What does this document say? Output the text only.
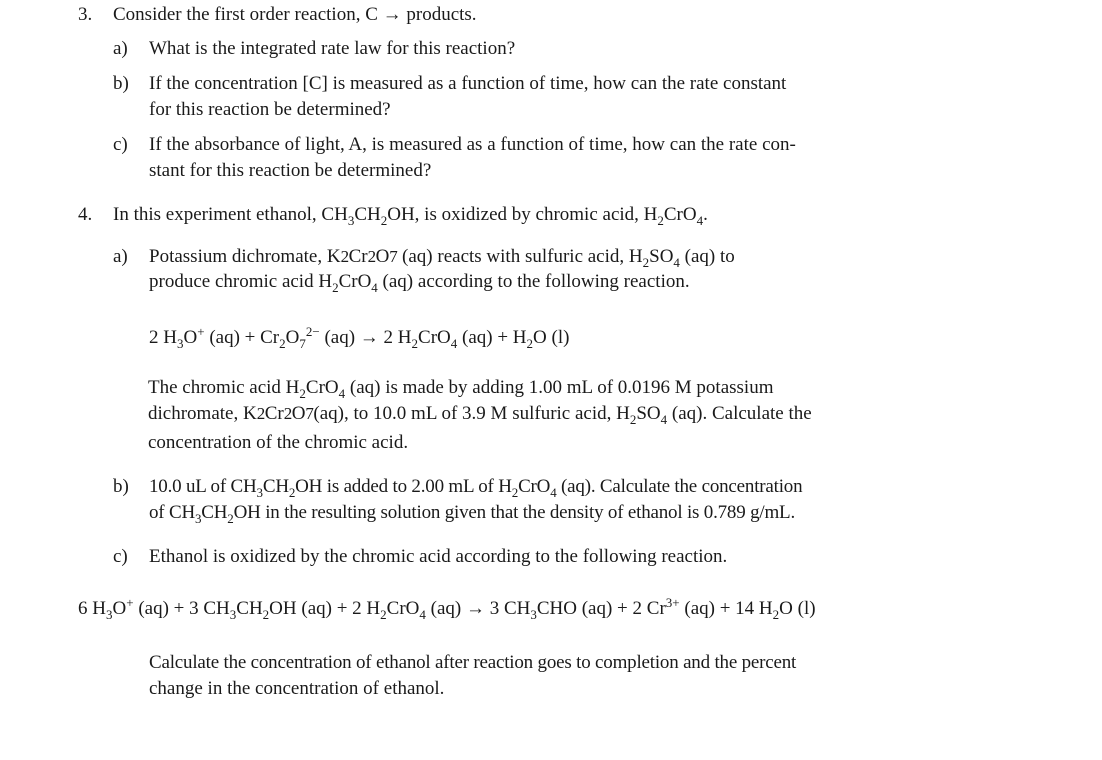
3. Consider the first order reaction, C → products.
a) What is the integrated rate law for this reaction?
b) If the concentration [C] is measured as a function of time, how can the rate constant
for this reaction be determined?
c) If the absorbance of light, A, is measured as a function of time, how can the rate con-
stant for this reaction be determined?
4. In this experiment ethanol, $CH_3CH_2OH$, is oxidized by chromic acid, $H_2CrO_4$.
a) Potassium dichromate, K2Cr2O7 (aq) reacts with sulfuric acid, $H_2SO_4$ (aq) to
produce chromic acid $H_2CrO_4$ (aq) according to the following reaction.
2 $H_3O^+$ $(aq) + Cr_2O_7^{2-}$ (aq) → 2 $H_2CrO_4$ $(aq) + H_2O$ (l)
The chromic acid $H_2CrO_4$ (aq) is made by adding 1.00 mL of 0.0196 M potassium
dichromate, K2Cr2O7(aq), to 10.0 mL of 3.9 M sulfuric acid, $H_2SO_4$ (aq). Calculate the
concentration of the chromic acid.
b) 10.0 uL of $CH_3CH_2OH$ is added to 2.00 mL of $H_2CrO_4$ (aq). Calculate the concentration
of $CH_3CH_2OH$ in the resulting solution given that the density of ethanol is 0.789 g/mL.
c) Ethanol is oxidized by the chromic acid according to the following reaction.
6 $H_3O^+$ (aq) + 3 $CH_3CH_2OH$ (aq) + 2 $H_2CrO_4$ (aq) → 3 $CH_3CHO$ (aq) + 2 $Cr^{3+}$ (aq) + 14 $H_2O$ (l)
Calculate the concentration of ethanol after reaction goes to completion and the percent
change in the concentration of ethanol.
